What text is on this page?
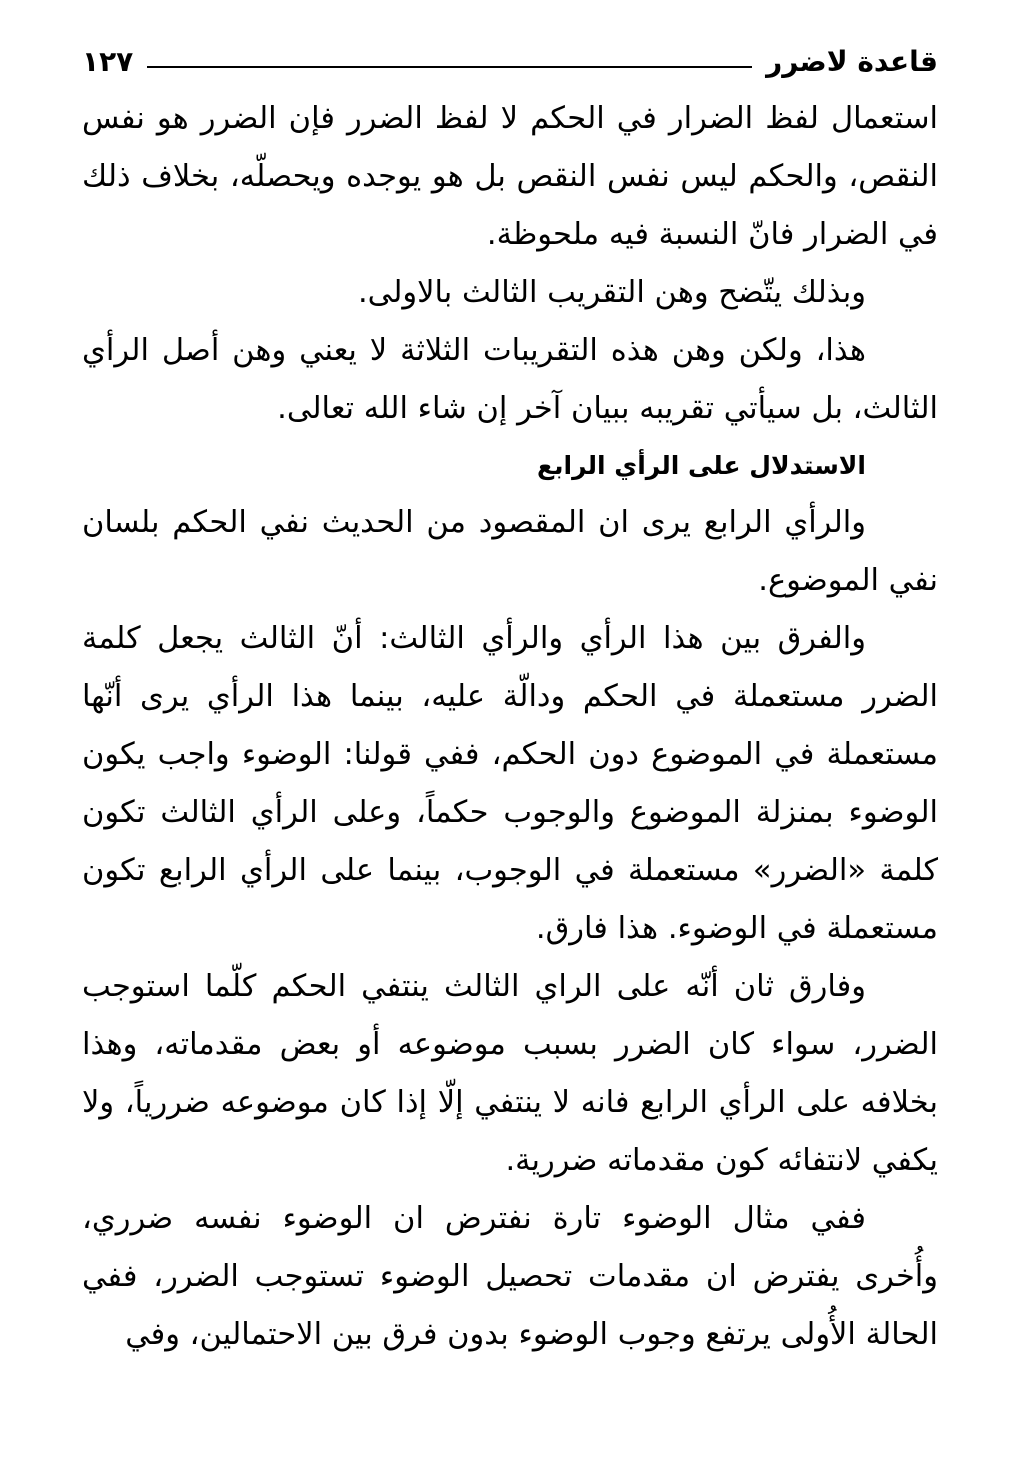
قاعدة لاضرر
١٢٧

استعمال لفظ الضرار في الحكم لا لفظ الضرر فإن الضرر هو نفس النقص، والحكم ليس نفس النقص بل هو يوجده ويحصلّه، بخلاف ذلك في الضرار فانّ النسبة فيه ملحوظة.

وبذلك يتّضح وهن التقريب الثالث بالاولى.

هذا، ولكن وهن هذه التقريبات الثلاثة لا يعني وهن أصل الرأي الثالث، بل سيأتي تقريبه ببيان آخر إن شاء الله تعالى.

الاستدلال على الرأي الرابع

والرأي الرابع يرى ان المقصود من الحديث نفي الحكم بلسان نفي الموضوع.

والفرق بين هذا الرأي والرأي الثالث: أنّ الثالث يجعل كلمة الضرر مستعملة في الحكم ودالّة عليه، بينما هذا الرأي يرى أنّها مستعملة في الموضوع دون الحكم، ففي قولنا: الوضوء واجب يكون الوضوء بمنزلة الموضوع والوجوب حكماً، وعلى الرأي الثالث تكون كلمة «الضرر» مستعملة في الوجوب، بينما على الرأي الرابع تكون مستعملة في الوضوء. هذا فارق.

وفارق ثان أنّه على الراي الثالث ينتفي الحكم كلّما استوجب الضرر، سواء كان الضرر بسبب موضوعه أو بعض مقدماته، وهذا بخلافه على الرأي الرابع فانه لا ينتفي إلّا إذا كان موضوعه ضررياً، ولا يكفي لانتفائه كون مقدماته ضررية.

ففي مثال الوضوء تارة نفترض ان الوضوء نفسه ضرري، وأُخرى يفترض ان مقدمات تحصيل الوضوء تستوجب الضرر، ففي الحالة الأُولى يرتفع وجوب الوضوء بدون فرق بين الاحتمالين، وفي
